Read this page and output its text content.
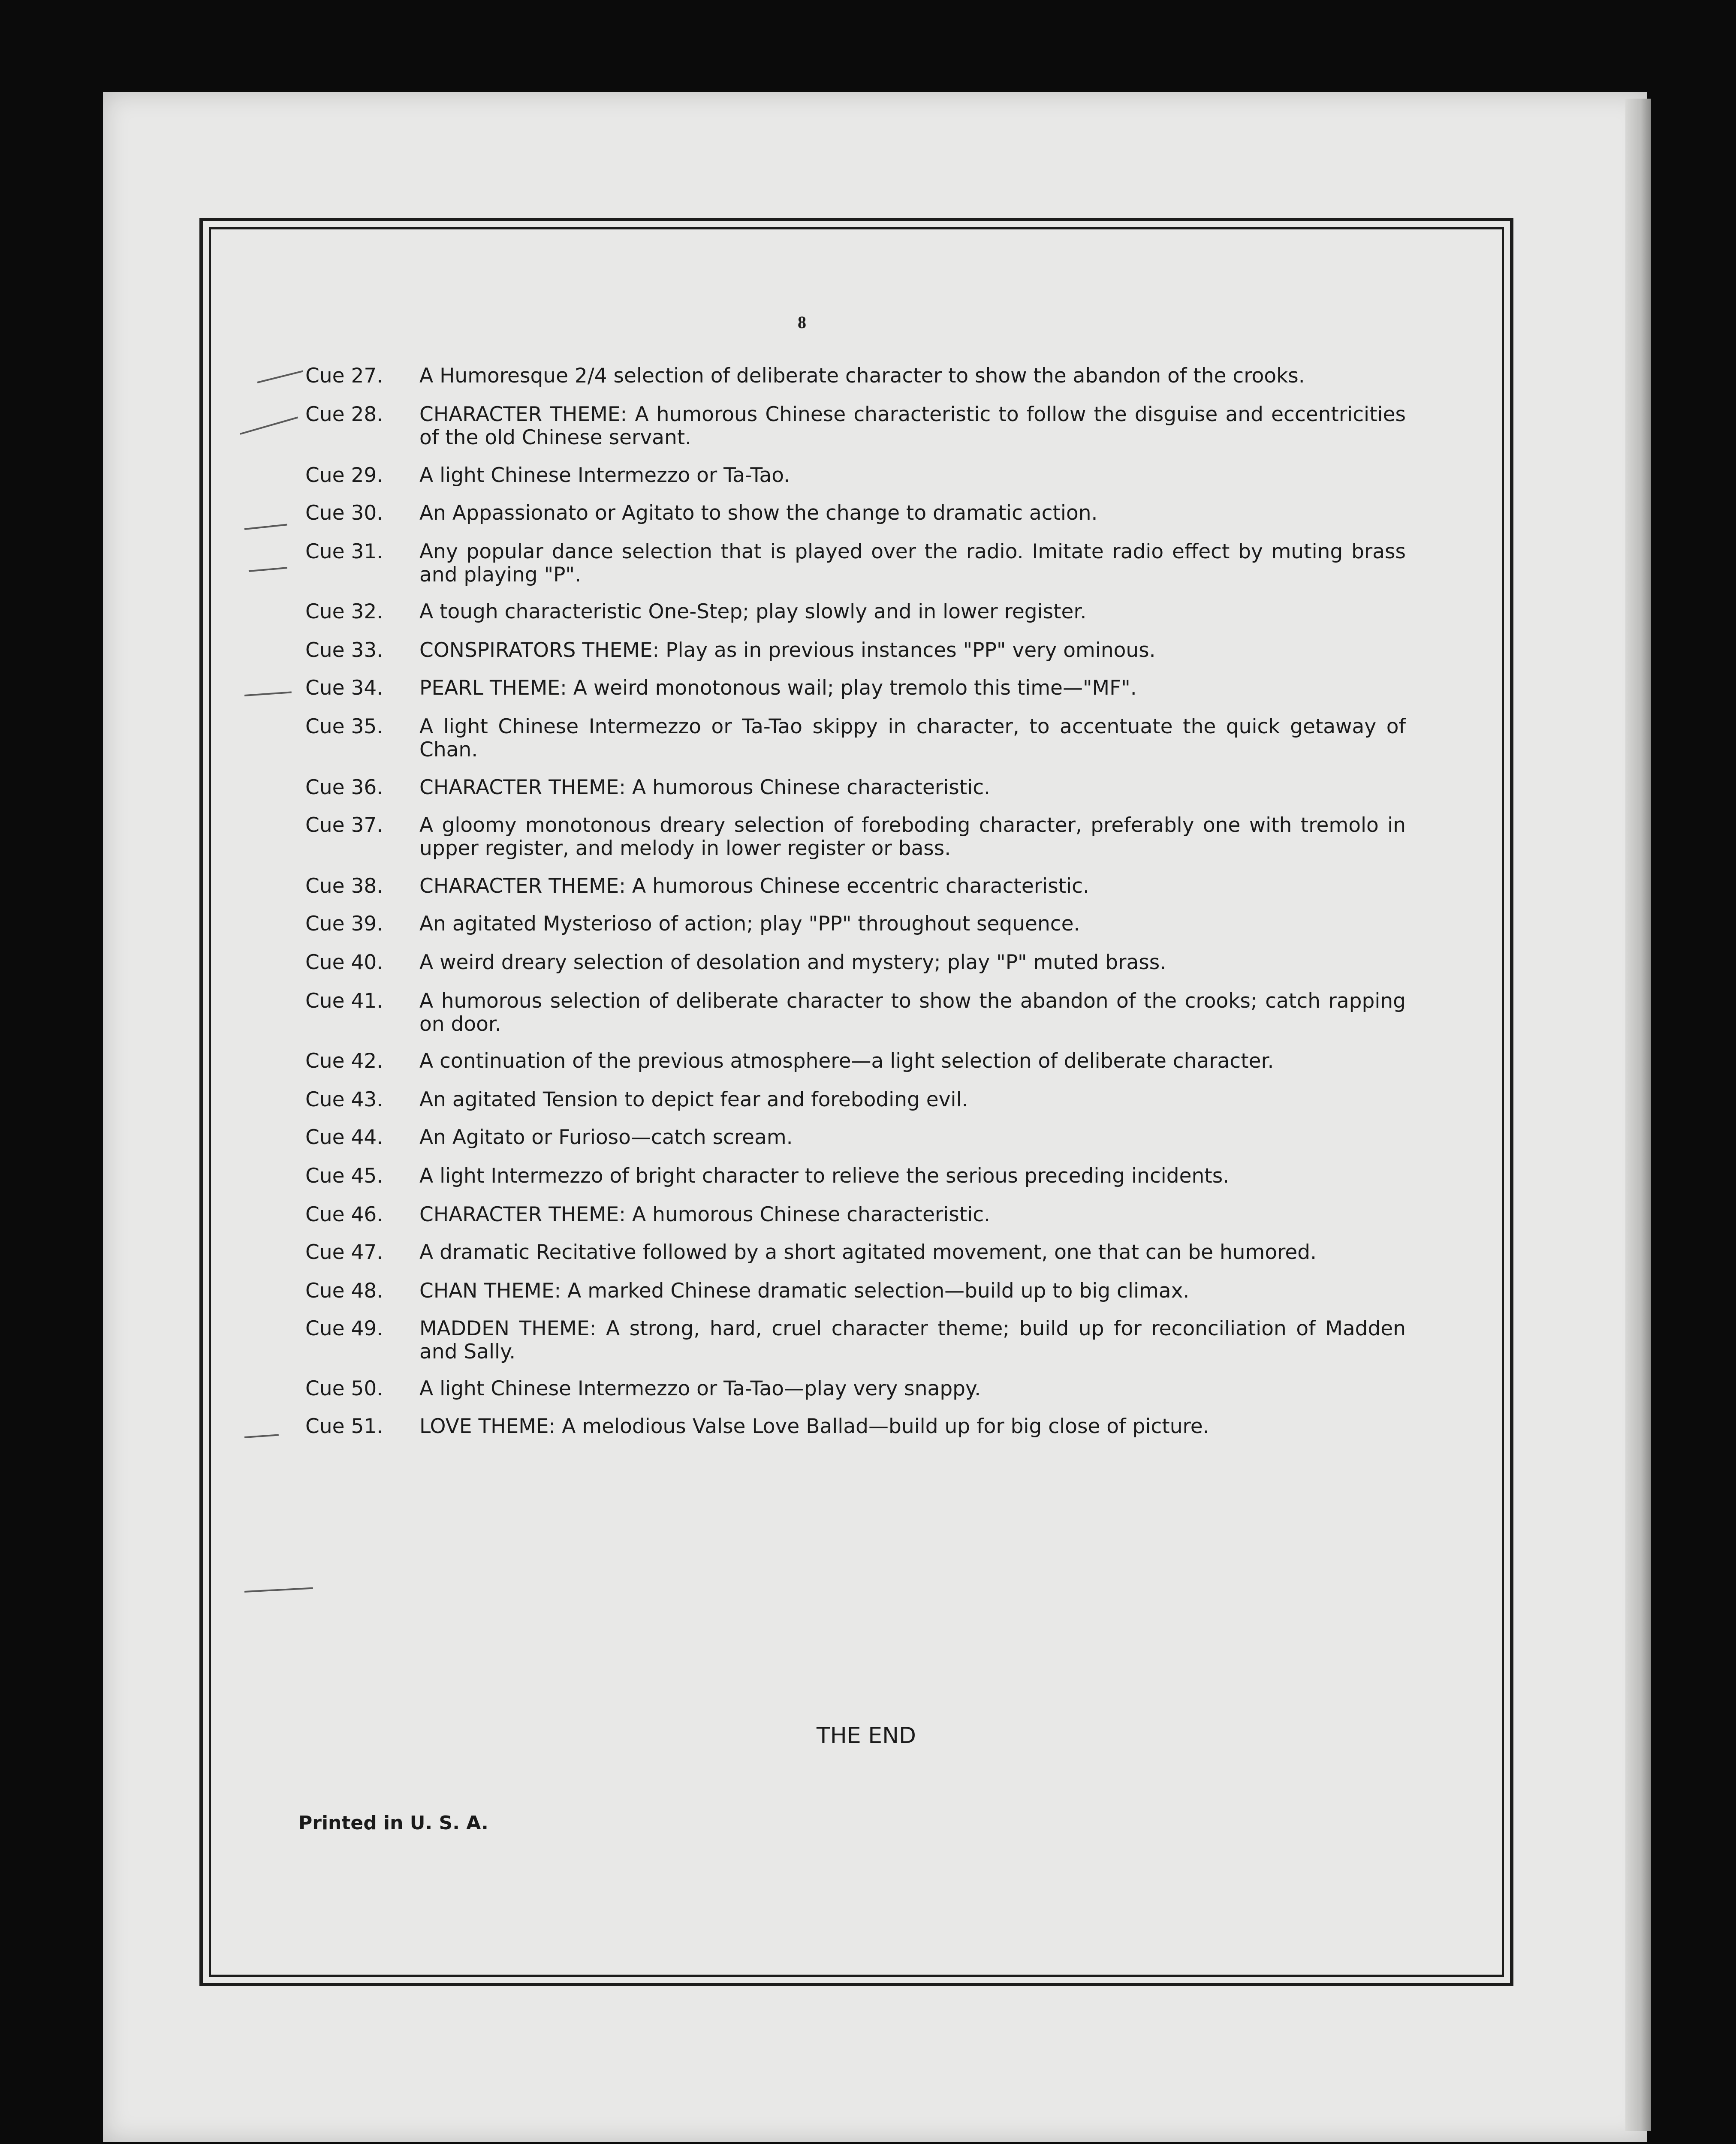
8
Cue 27. A Humoresque 2/4 selection of deliberate character to show the abandon of the crooks.
Cue 28. CHARACTER THEME: A humorous Chinese characteristic to follow the disguise and eccentricities of the old Chinese servant.
Cue 29. A light Chinese Intermezzo or Ta-Tao.
Cue 30. An Appassionato or Agitato to show the change to dramatic action.
Cue 31. Any popular dance selection that is played over the radio. Imitate radio effect by muting brass and playing "P".
Cue 32. A tough characteristic One-Step; play slowly and in lower register.
Cue 33. CONSPIRATORS THEME: Play as in previous instances "PP" very ominous.
Cue 34. PEARL THEME: A weird monotonous wail; play tremolo this time—"MF".
Cue 35. A light Chinese Intermezzo or Ta-Tao skippy in character, to accentuate the quick getaway of Chan.
Cue 36. CHARACTER THEME: A humorous Chinese characteristic.
Cue 37. A gloomy monotonous dreary selection of foreboding character, preferably one with tremolo in upper register, and melody in lower register or bass.
Cue 38. CHARACTER THEME: A humorous Chinese eccentric characteristic.
Cue 39. An agitated Mysterioso of action; play "PP" throughout sequence.
Cue 40. A weird dreary selection of desolation and mystery; play "P" muted brass.
Cue 41. A humorous selection of deliberate character to show the abandon of the crooks; catch rapping on door.
Cue 42. A continuation of the previous atmosphere—a light selection of deliberate character.
Cue 43. An agitated Tension to depict fear and foreboding evil.
Cue 44. An Agitato or Furioso—catch scream.
Cue 45. A light Intermezzo of bright character to relieve the serious preceding incidents.
Cue 46. CHARACTER THEME: A humorous Chinese characteristic.
Cue 47. A dramatic Recitative followed by a short agitated movement, one that can be humored.
Cue 48. CHAN THEME: A marked Chinese dramatic selection—build up to big climax.
Cue 49. MADDEN THEME: A strong, hard, cruel character theme; build up for reconciliation of Madden and Sally.
Cue 50. A light Chinese Intermezzo or Ta-Tao—play very snappy.
Cue 51. LOVE THEME: A melodious Valse Love Ballad—build up for big close of picture.
THE END
Printed in U. S. A.
